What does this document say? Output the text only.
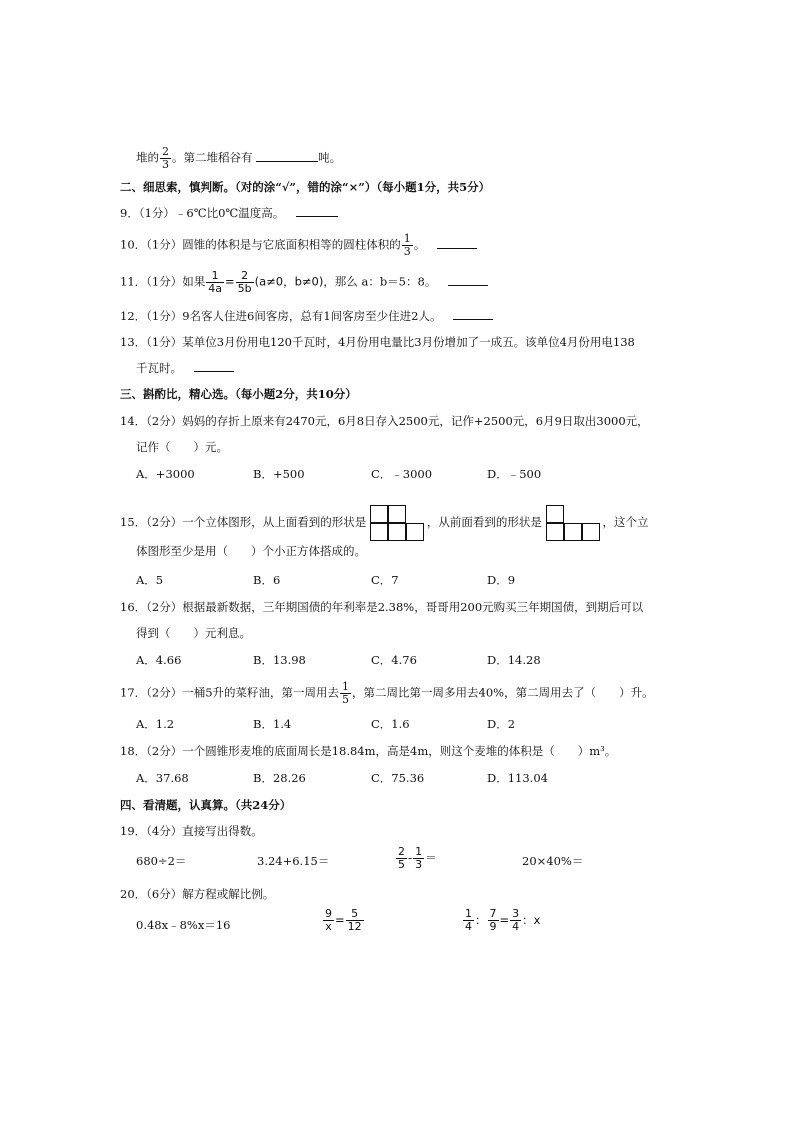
堆的 $\frac{2}{3}$ 。第二堆稻谷有	吨。
二、细思索，慎判断。（对的涂“√”，错的涂“×”）（每小题1分，共5分）
9．（1分）﹣6℃比0℃温度高。
10．（1分）圆锥的体积是与它底面积相等的圆柱体积的 $\frac{1}{3}$ 。
11．（1分）如果 $\frac{1}{4a} = \frac{2}{5b} (a\ne 0$，b≠0)，那么 a：b＝5：8。
12．（1分）9名客人住进6间客房，总有1间客房至少住进2人。
13．（1分）某单位3月份用电120千瓦时，4月份用电量比3月份增加了一成五。该单位4月份用电138
千瓦时。
三、斟酌比，精心选。（每小题2分，共10分）
14．（2分）妈妈的存折上原来有2470元，6月8日存入2500元，记作+2500元，6月9日取出3000元，
记作（　　）元。
A．+3000	B．+500	C．﹣3000	D．﹣500
15．（2分）一个立体图形，从上面看到的形状是	，从前面看到的形状是	，这个立
体图形至少是用（　　）个小正方体搭成的。
A．5	B．6	C．7	D．9
16．（2分）根据最新数据，三年期国债的年利率是2.38%，哥哥用200元购买三年期国债，到期后可以
得到（　　）元利息。
A．4.66	B．13.98	C．4.76	D．14.28
17．（2分）一桶5升的菜籽油，第一周用去 $\frac{1}{5}$ ，第二周比第一周多用去40%，第二周用去了（　　）升。
A．1.2	B．1.4	C．1.6	D．2
18．（2分）一个圆锥形麦堆的底面周长是18.84m，高是4m，则这个麦堆的体积是（　　）m³。
A．37.68	B．28.26	C．75.36	D．113.04
四、看清题，认真算。（共24分）
19．（4分）直接写出得数。
680÷2＝	3.24+6.15＝	$\frac{2}{5} - \frac{1}{3}$ ＝	20×40%＝
20．（6分）解方程或解比例。
0.48x﹣8%x＝16	$\frac{9}{x} = \frac{5}{12}$	$\frac{1}{4}$ ： $\frac{7}{9} = \frac{3}{4}$ ：x
